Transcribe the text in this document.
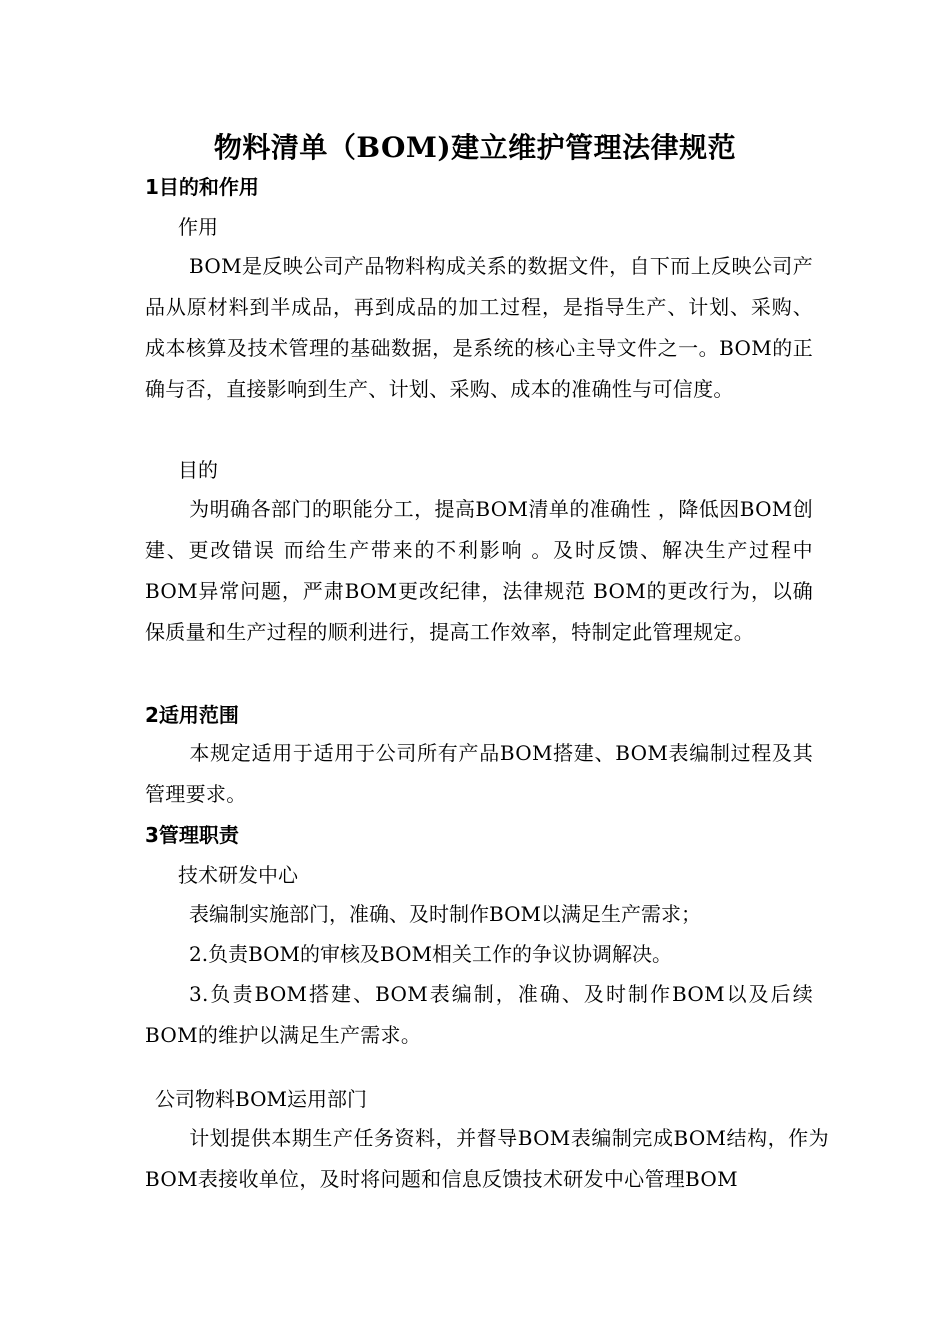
物料清单（BOM)建立维护管理法律规范
1目的和作用
作用
BOM是反映公司产品物料构成关系的数据文件，自下而上反映公司产品从原材料到半成品，再到成品的加工过程，是指导生产、计划、采购、成本核算及技术管理的基础数据，是系统的核心主导文件之一。BOM的正确与否，直接影响到生产、计划、采购、成本的准确性与可信度。
目的
为明确各部门的职能分工，提高BOM清单的准确性 ，降低因BOM创建、更改错误 而给生产带来的不利影响 。及时反馈、解决生产过程中BOM异常问题，严肃BOM更改纪律，法律规范 BOM的更改行为，以确保质量和生产过程的顺利进行，提高工作效率，特制定此管理规定。
2适用范围
本规定适用于适用于公司所有产品BOM搭建、BOM表编制过程及其管理要求。
3管理职责
技术研发中心
表编制实施部门，准确、及时制作BOM以满足生产需求；
2.负责BOM的审核及BOM相关工作的争议协调解决。
3.负责BOM搭建、BOM表编制，准确、及时制作BOM以及后续BOM的维护以满足生产需求。
公司物料BOM运用部门
计划提供本期生产任务资料，并督导BOM表编制完成BOM结构，作为BOM表接收单位，及时将问题和信息反馈技术研发中心管理BOM
